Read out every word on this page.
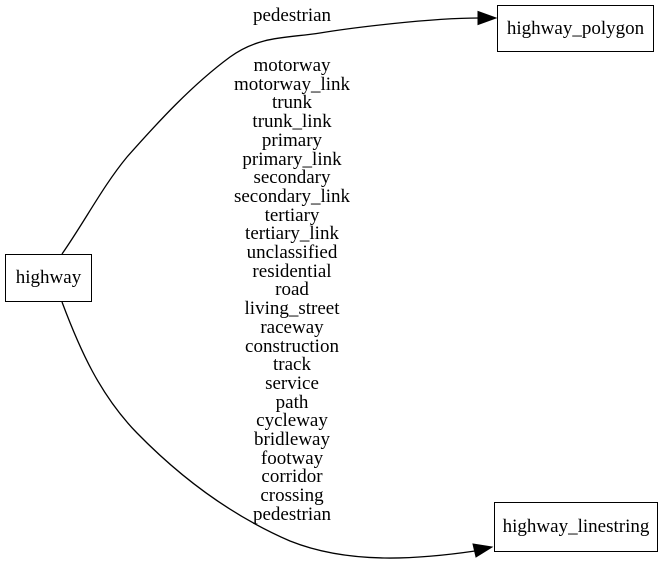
highway
highway_polygon
highway_linestring
pedestrian
motorway
motorway_link
trunk
trunk_link
primary
primary_link
secondary
secondary_link
tertiary
tertiary_link
unclassified
residential
road
living_street
raceway
construction
track
service
path
cycleway
bridleway
footway
corridor
crossing
pedestrian
